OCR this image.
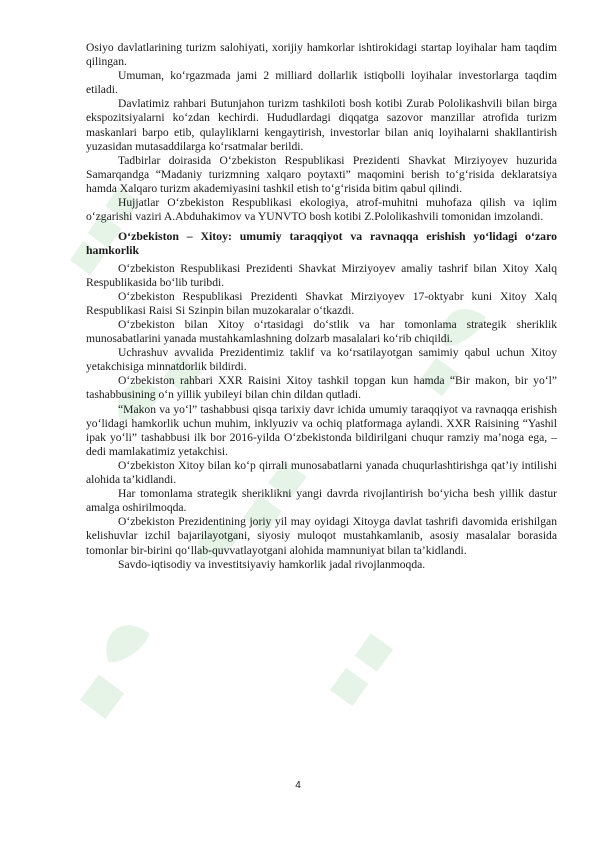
Osiyo davlatlarining turizm salohiyati, xorijiy hamkorlar ishtirokidagi startap loyihalar ham taqdim qilingan.

Umuman, ko‘rgazmada jami 2 milliard dollarlik istiqbolli loyihalar investorlarga taqdim etiladi.

Davlatimiz rahbari Butunjahon turizm tashkiloti bosh kotibi Zurab Pololikashvili bilan birga ekspozitsiyalarni ko‘zdan kechirdi. Hududlardagi diqqatga sazovor manzillar atrofida turizm maskanlari barpo etib, qulayliklarni kengaytirish, investorlar bilan aniq loyihalarni shakllantirish yuzasidan mutasaddilarga ko‘rsatmalar berildi.

Tadbirlar doirasida O‘zbekiston Respublikasi Prezidenti Shavkat Mirziyoyev huzurida Samarqandga “Madaniy turizmning xalqaro poytaxti” maqomini berish to‘g‘risida deklaratsiya hamda Xalqaro turizm akademiyasini tashkil etish to‘g‘risida bitim qabul qilindi.

Hujjatlar O‘zbekiston Respublikasi ekologiya, atrof-muhitni muhofaza qilish va iqlim o‘zgarishi vaziri A.Abduhakimov va YUNVTO bosh kotibi Z.Pololikashvili tomonidan imzolandi.

O‘zbekiston – Xitoy: umumiy taraqqiyot va ravnaqqa erishish yo‘lidagi o‘zaro hamkorlik

O‘zbekiston Respublikasi Prezidenti Shavkat Mirziyoyev amaliy tashrif bilan Xitoy Xalq Respublikasida bo‘lib turibdi.

O‘zbekiston Respublikasi Prezidenti Shavkat Mirziyoyev 17-oktyabr kuni Xitoy Xalq Respublikasi Raisi Si Szinpin bilan muzokaralar o‘tkazdi.

O‘zbekiston bilan Xitoy o‘rtasidagi do‘stlik va har tomonlama strategik sheriklik munosabatlarini yanada mustahkamlashning dolzarb masalalari ko‘rib chiqildi.

Uchrashuv avvalida Prezidentimiz taklif va ko‘rsatilayotgan samimiy qabul uchun Xitoy yetakchisiga minnatdorlik bildirdi.

O‘zbekiston rahbari XXR Raisini Xitoy tashkil topgan kun hamda “Bir makon, bir yo‘l” tashabbusining o‘n yillik yubileyi bilan chin dildan qutladi.

“Makon va yo‘l” tashabbusi qisqa tarixiy davr ichida umumiy taraqqiyot va ravnaqqa erishish yo‘lidagi hamkorlik uchun muhim, inklyuziv va ochiq platformaga aylandi. XXR Raisining “Yashil ipak yo‘li” tashabbusi ilk bor 2016-yilda O‘zbekistonda bildirilgani chuqur ramziy ma’noga ega, – dedi mamlakatimiz yetakchisi.

O‘zbekiston Xitoy bilan ko‘p qirrali munosabatlarni yanada chuqurlashtirishga qat’iy intilishi alohida ta’kidlandi.

Har tomonlama strategik sheriklikni yangi davrda rivojlantirish bo‘yicha besh yillik dastur amalga oshirilmoqda.

O‘zbekiston Prezidentining joriy yil may oyidagi Xitoyga davlat tashrifi davomida erishilgan kelishuvlar izchil bajarilayotgani, siyosiy muloqot mustahkamlanib, asosiy masalalar borasida tomonlar bir-birini qo‘llab-quvvatlayotgani alohida mamnuniyat bilan ta’kidlandi.

Savdo-iqtisodiy va investitsiyaviy hamkorlik jadal rivojlanmoqda.

4
